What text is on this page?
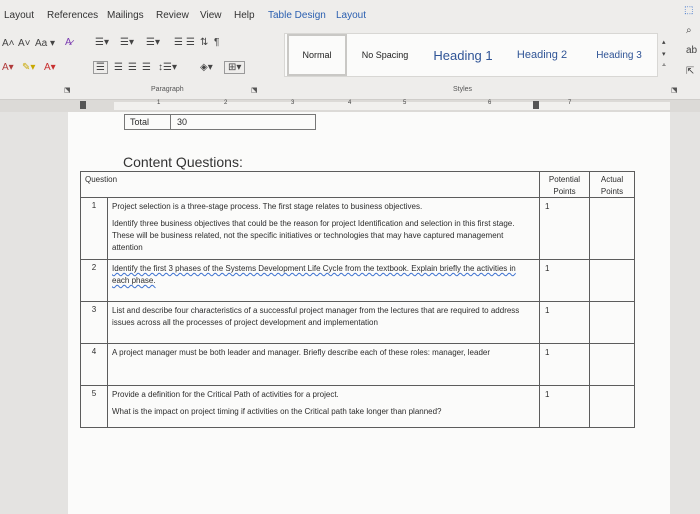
Layout References Mailings Review View Help Table Design Layout
A˄ A˅ Aa ▾ A̷ ☰▾ ☰▾ ☰▾ ☰ ☰ ⇅ ¶
A▾ ✎▾ A▾	☰ ☰ ☰ ☰ ↕☰▾ ◈▾	⊞▾
Normal	No Spacing	Heading 1	Heading 2	Heading 3
▴
▾
⩡
⬚
⌕
ab
⇱
⬔	Paragraph	⬔	Styles	⬔
1	2	3	4	5	6	7
Total	30
Content Questions:
Question		Potential Points	Actual Points
1	Project selection is a three-stage process. The first stage relates to business objectives.

Identify three business objectives that could be the reason for project Identification and selection in this first stage. These will be business related, not the specific initiatives or technologies that may have captured management attention	1	
2	Identify the first 3 phases of the Systems Development Life Cycle from the textbook. Explain briefly the activities in each phase.	1	
3	List and describe four characteristics of a successful project manager from the lectures that are required to address issues across all the processes of project development and implementation	1	
4	A project manager must be both leader and manager. Briefly describe each of these roles: manager, leader	1	
5	Provide a definition for the Critical Path of activities for a project.

What is the impact on project timing if activities on the Critical path take longer than planned?	1	
